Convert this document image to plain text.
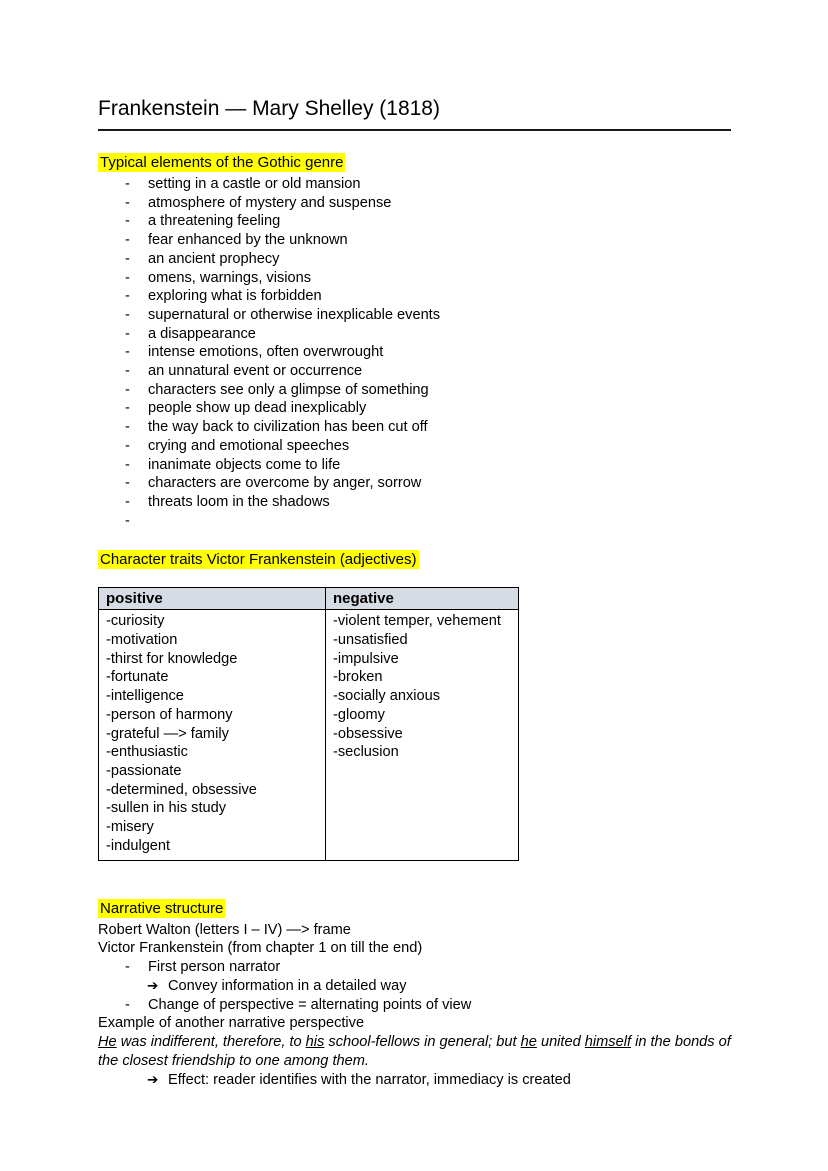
Frankenstein — Mary Shelley (1818)
Typical elements of the Gothic genre
-	setting in a castle or old mansion
-	atmosphere of mystery and suspense
-	a threatening feeling
-	fear enhanced by the unknown
-	an ancient prophecy
-	omens, warnings, visions
-	exploring what is forbidden
-	supernatural or otherwise inexplicable events
-	a disappearance
-	intense emotions, often overwrought
-	an unnatural event or occurrence
-	characters see only a glimpse of something
-	people show up dead inexplicably
-	the way back to civilization has been cut off
-	crying and emotional speeches
-	inanimate objects come to life
-	characters are overcome by anger, sorrow
-	threats loom in the shadows
-
Character traits Victor Frankenstein (adjectives)
positive	negative

-curiosity
-motivation
-thirst for knowledge
-fortunate
-intelligence
-person of harmony
-grateful —> family
-enthusiastic
-passionate
-determined, obsessive
-sullen in his study
-misery
-indulgent

-violent temper, vehement
-unsatisfied
-impulsive
-broken
-socially anxious
-gloomy
-obsessive
-seclusion
Narrative structure

Robert Walton (letters I – IV) —> frame

Victor Frankenstein (from chapter 1 on till the end)

-	First person narrator
➔ Convey information in a detailed way
-	Change of perspective = alternating points of view

Example of another narrative perspective

He was indifferent, therefore, to his school-fellows in general; but he united himself in the bonds of the closest friendship to one among them.

➔ Effect: reader identifies with the narrator, immediacy is created
